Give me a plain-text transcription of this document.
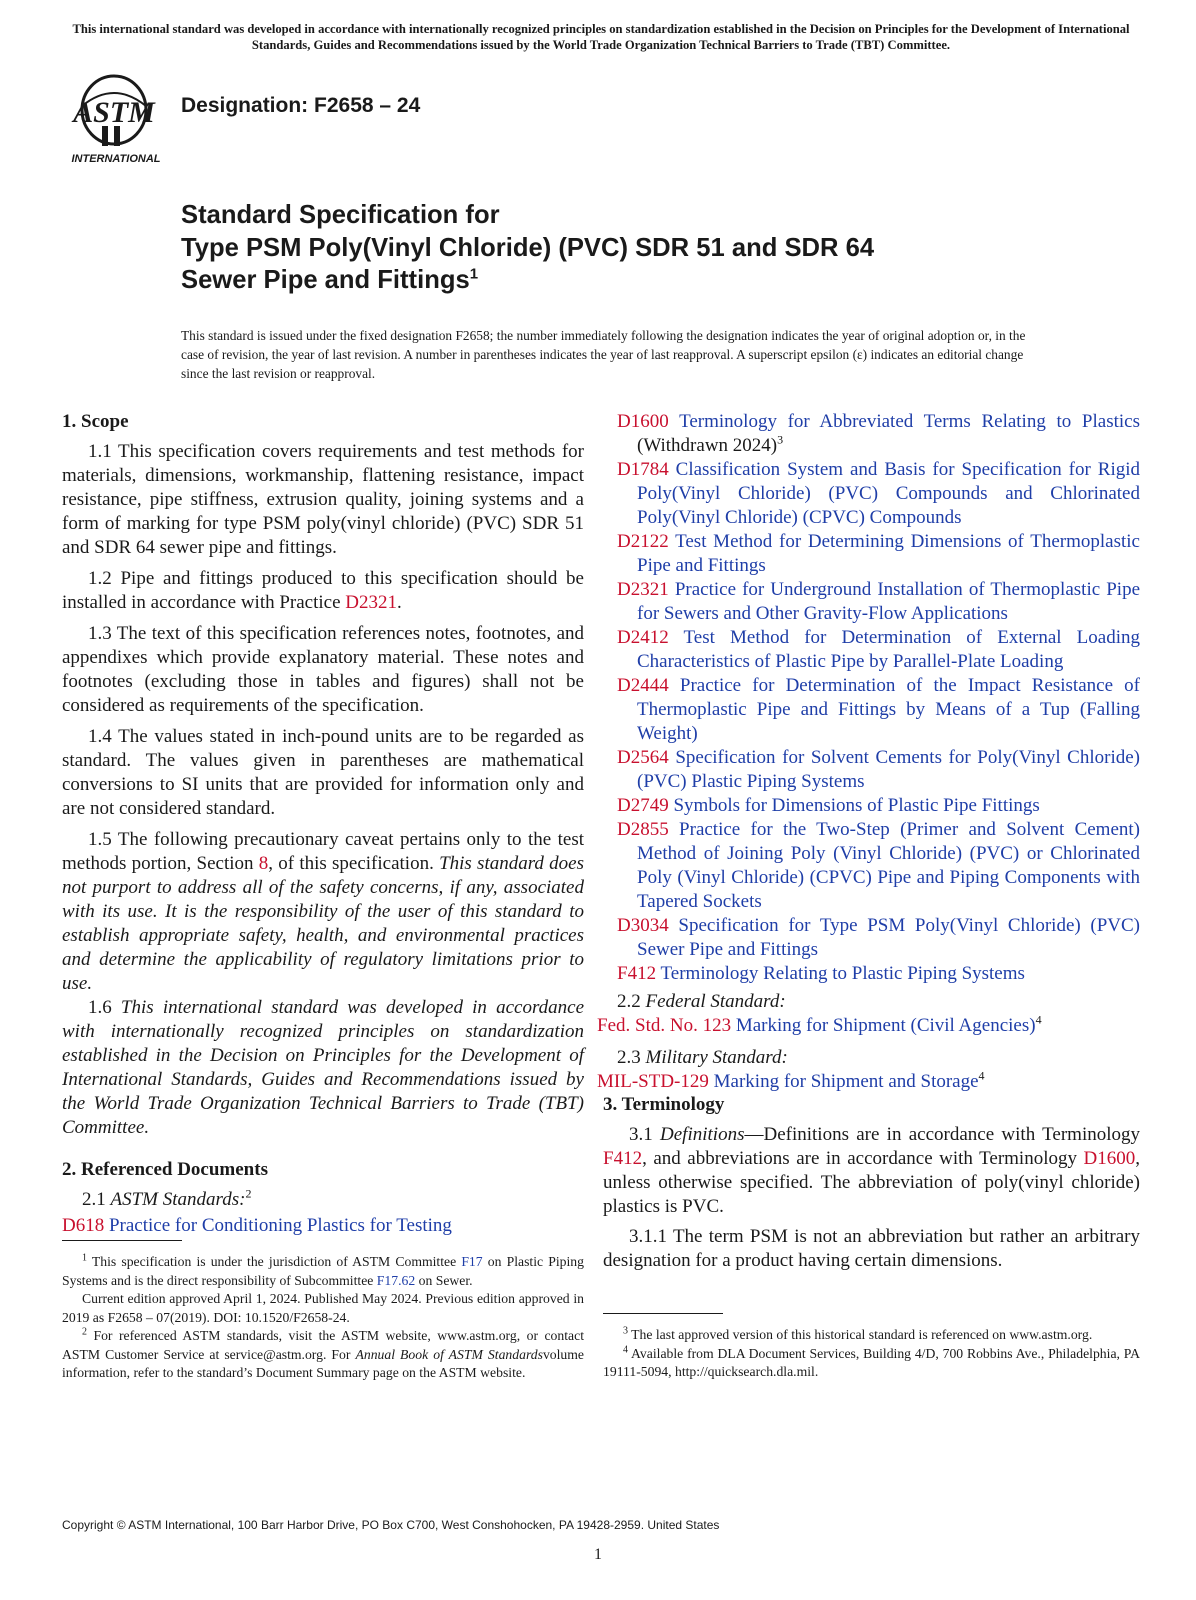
This international standard was developed in accordance with internationally recognized principles on standardization established in the Decision on Principles for the Development of International Standards, Guides and Recommendations issued by the World Trade Organization Technical Barriers to Trade (TBT) Committee.
ASTM
INTERNATIONAL
Designation: F2658 – 24
Standard Specification for
Type PSM Poly(Vinyl Chloride) (PVC) SDR 51 and SDR 64
Sewer Pipe and Fittings$^1$
This standard is issued under the fixed designation F2658; the number immediately following the designation indicates the year of original adoption or, in the case of revision, the year of last revision. A number in parentheses indicates the year of last reapproval. A superscript epsilon (ε) indicates an editorial change since the last revision or reapproval.
1. Scope
1.1 This specification covers requirements and test methods for materials, dimensions, workmanship, flattening resistance, impact resistance, pipe stiffness, extrusion quality, joining systems and a form of marking for type PSM poly(vinyl chloride) (PVC) SDR 51 and SDR 64 sewer pipe and fittings.
1.2 Pipe and fittings produced to this specification should be installed in accordance with Practice D2321.
1.3 The text of this specification references notes, footnotes, and appendixes which provide explanatory material. These notes and footnotes (excluding those in tables and figures) shall not be considered as requirements of the specification.
1.4 The values stated in inch-pound units are to be regarded as standard. The values given in parentheses are mathematical conversions to SI units that are provided for information only and are not considered standard.
1.5 The following precautionary caveat pertains only to the test methods portion, Section 8, of this specification. This standard does not purport to address all of the safety concerns, if any, associated with its use. It is the responsibility of the user of this standard to establish appropriate safety, health, and environmental practices and determine the applicability of regulatory limitations prior to use.
1.6 This international standard was developed in accordance with internationally recognized principles on standardization established in the Decision on Principles for the Development of International Standards, Guides and Recommendations issued by the World Trade Organization Technical Barriers to Trade (TBT) Committee.
2. Referenced Documents
2.1 ASTM Standards:$^2$
D618 Practice for Conditioning Plastics for Testing
$^1$ This specification is under the jurisdiction of ASTM Committee F17 on Plastic Piping Systems and is the direct responsibility of Subcommittee F17.62 on Sewer.
Current edition approved April 1, 2024. Published May 2024. Previous edition approved in 2019 as F2658 – 07(2019). DOI: 10.1520/F2658-24.
$^2$ For referenced ASTM standards, visit the ASTM website, www.astm.org, or contact ASTM Customer Service at service@astm.org. For Annual Book of ASTM Standardsvolume information, refer to the standard’s Document Summary page on the ASTM website.
D1600 Terminology for Abbreviated Terms Relating to Plastics (Withdrawn 2024)$^3$
D1784 Classification System and Basis for Specification for Rigid Poly(Vinyl Chloride) (PVC) Compounds and Chlorinated Poly(Vinyl Chloride) (CPVC) Compounds
D2122 Test Method for Determining Dimensions of Thermoplastic Pipe and Fittings
D2321 Practice for Underground Installation of Thermoplastic Pipe for Sewers and Other Gravity-Flow Applications
D2412 Test Method for Determination of External Loading Characteristics of Plastic Pipe by Parallel-Plate Loading
D2444 Practice for Determination of the Impact Resistance of Thermoplastic Pipe and Fittings by Means of a Tup (Falling Weight)
D2564 Specification for Solvent Cements for Poly(Vinyl Chloride) (PVC) Plastic Piping Systems
D2749 Symbols for Dimensions of Plastic Pipe Fittings
D2855 Practice for the Two-Step (Primer and Solvent Cement) Method of Joining Poly (Vinyl Chloride) (PVC) or Chlorinated Poly (Vinyl Chloride) (CPVC) Pipe and Piping Components with Tapered Sockets
D3034 Specification for Type PSM Poly(Vinyl Chloride) (PVC) Sewer Pipe and Fittings
F412 Terminology Relating to Plastic Piping Systems
2.2 Federal Standard:
Fed. Std. No. 123 Marking for Shipment (Civil Agencies)$^4$
2.3 Military Standard:
MIL-STD-129 Marking for Shipment and Storage$^4$
3. Terminology
3.1 Definitions—Definitions are in accordance with Terminology F412, and abbreviations are in accordance with Terminology D1600, unless otherwise specified. The abbreviation of poly(vinyl chloride) plastics is PVC.
3.1.1 The term PSM is not an abbreviation but rather an arbitrary designation for a product having certain dimensions.
$^3$ The last approved version of this historical standard is referenced on www.astm.org.
$^4$ Available from DLA Document Services, Building 4/D, 700 Robbins Ave., Philadelphia, PA 19111-5094, http://quicksearch.dla.mil.
Copyright © ASTM International, 100 Barr Harbor Drive, PO Box C700, West Conshohocken, PA 19428-2959. United States
1
